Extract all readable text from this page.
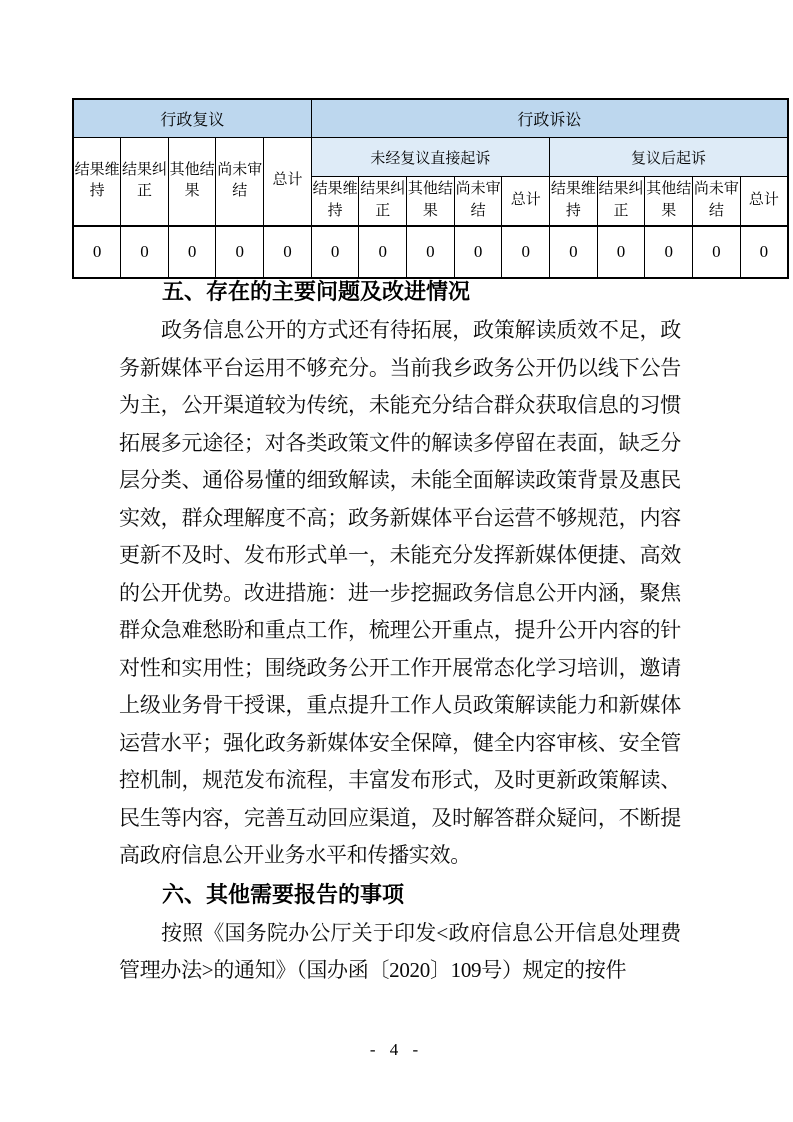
行政复议					行政诉讼									
结果维持	结果纠正	其他结果	尚未审结	总计	未经复议直接起诉					复议后起诉				
					结果维持	结果纠正	其他结果	尚未审结	总计	结果维持	结果纠正	其他结果	尚未审结	总计
0	0	0	0	0	0	0	0	0	0	0	0	0	0	0
五、存在的主要问题及改进情况

政务信息公开的方式还有待拓展，政策解读质效不足，政务新媒体平台运用不够充分。当前我乡政务公开仍以线下公告为主，公开渠道较为传统，未能充分结合群众获取信息的习惯拓展多元途径；对各类政策文件的解读多停留在表面，缺乏分层分类、通俗易懂的细致解读，未能全面解读政策背景及惠民实效，群众理解度不高；政务新媒体平台运营不够规范，内容更新不及时、发布形式单一，未能充分发挥新媒体便捷、高效的公开优势。改进措施：进一步挖掘政务信息公开内涵，聚焦群众急难愁盼和重点工作，梳理公开重点，提升公开内容的针对性和实用性；围绕政务公开工作开展常态化学习培训，邀请上级业务骨干授课，重点提升工作人员政策解读能力和新媒体运营水平；强化政务新媒体安全保障，健全内容审核、安全管控机制，规范发布流程，丰富发布形式，及时更新政策解读、民生等内容，完善互动回应渠道，及时解答群众疑问，不断提高政府信息公开业务水平和传播实效。

六、其他需要报告的事项

按照《国务院办公厅关于印发<政府信息公开信息处理费管理办法>的通知》（国办函〔2020〕109号）规定的按件

- 4 -
